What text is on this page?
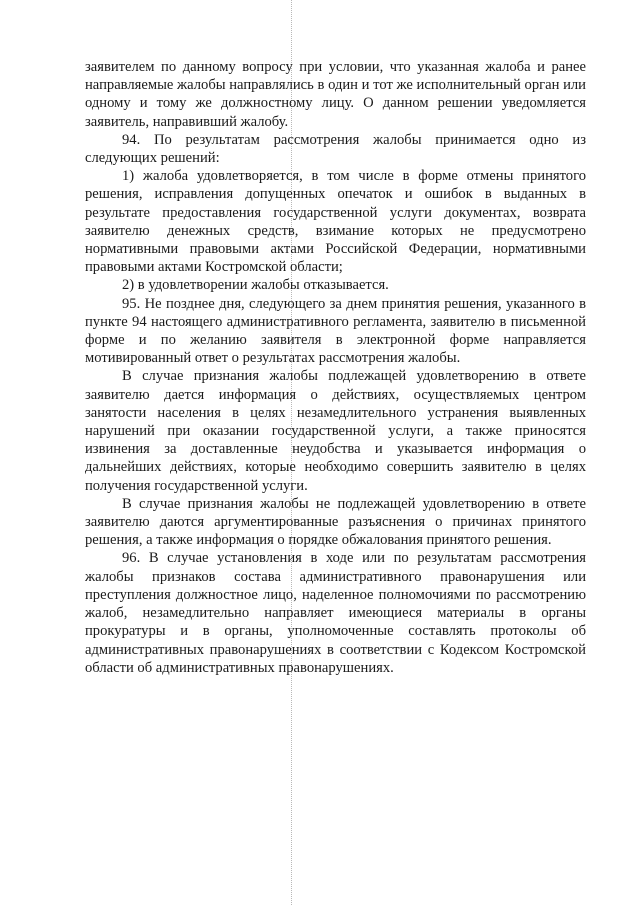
заявителем по данному вопросу при условии, что указанная жалоба и ранее направляемые жалобы направлялись в один и тот же исполнительный орган или одному и тому же должностному лицу. О данном решении уведомляется заявитель, направивший жалобу.

94. По результатам рассмотрения жалобы принимается одно из следующих решений:

1) жалоба удовлетворяется, в том числе в форме отмены принятого решения, исправления допущенных опечаток и ошибок в выданных в результате предоставления государственной услуги документах, возврата заявителю денежных средств, взимание которых не предусмотрено нормативными правовыми актами Российской Федерации, нормативными правовыми актами Костромской области;

2) в удовлетворении жалобы отказывается.

95. Не позднее дня, следующего за днем принятия решения, указанного в пункте 94 настоящего административного регламента, заявителю в письменной форме и по желанию заявителя в электронной форме направляется мотивированный ответ о результатах рассмотрения жалобы.

В случае признания жалобы подлежащей удовлетворению в ответе заявителю дается информация о действиях, осуществляемых центром занятости населения в целях незамедлительного устранения выявленных нарушений при оказании государственной услуги, а также приносятся извинения за доставленные неудобства и указывается информация о дальнейших действиях, которые необходимо совершить заявителю в целях получения государственной услуги.

В случае признания жалобы не подлежащей удовлетворению в ответе заявителю даются аргументированные разъяснения о причинах принятого решения, а также информация о порядке обжалования принятого решения.

96. В случае установления в ходе или по результатам рассмотрения жалобы признаков состава административного правонарушения или преступления должностное лицо, наделенное полномочиями по рассмотрению жалоб, незамедлительно направляет имеющиеся материалы в органы прокуратуры и в органы, уполномоченные составлять протоколы об административных правонарушениях в соответствии с Кодексом Костромской области об административных правонарушениях.
